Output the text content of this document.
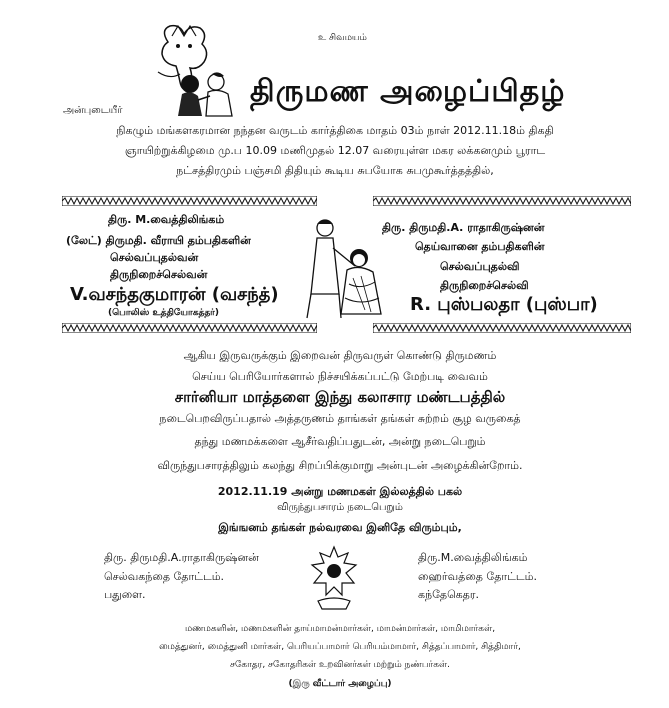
உ சிவமயம்
அன்புடையீர்
திருமண அழைப்பிதழ்
நிகழும் மங்களகரமான நந்தன வருடம் கார்த்திகை மாதம் 03ம் நாள் 2012.11.18ம் திகதி
ஞாயிற்றுக்கிழமை மு.ப 10.09 மணிமுதல் 12.07 வரையுள்ள மகர லக்கனமும் பூராட
நட்சத்திரமும் பஞ்சமி திதியும் கூடிய சுபயோக சுபமுகூர்த்தத்தில்,
திரு. M.வைத்திலிங்கம்
(லேட்) திருமதி. வீராயி தம்பதிகளின்
செல்வப்புதல்வன்
திருநிறைச்செல்வன்
V.வசந்தகுமாரன் (வசந்த்)
(பொலிஸ் உத்தியோகத்தர்)
திரு. திருமதி.A. ராதாகிருஷ்னன்
தெய்வானை தம்பதிகளின்
செல்வப்புதல்வி
திருநிறைச்செல்வி
R. புஸ்பலதா (புஸ்பா)
ஆகிய இருவருக்கும் இறைவன் திருவருள் கொண்டு திருமணம்
செய்ய பெரியோர்களால் நிச்சயிக்கப்பட்டு மேற்படி வைவம்
சார்னியா மாத்தளை இந்து கலாசார மண்டபத்தில்
நடைபெறவிருப்பதால் அத்தருணம் தாங்கள் தங்கள் சுற்றம் சூழ வருகைத்
தந்து மணமக்களை ஆசீர்வதிப்பதுடன், அன்று நடைபெறும்
விருந்துபசாரத்திலும் கலந்து சிறப்பிக்குமாறு அன்புடன் அழைக்கின்றோம்.
2012.11.19 அன்று மணமகள் இல்லத்தில் பகல்
விருந்துபசாரம் நடைபெறும்
இங்ஙனம் தங்கள் நல்வரவை இனிதே விரும்பும்,
திரு. திருமதி.A.ராதாகிருஷ்னன்
செல்வகந்தை தோட்டம்.
பதுளை.
திரு.M.வைத்திலிங்கம்
ஹைர்வத்தை தோட்டம்.
கந்தேகெதர.
மணமகளின், மணமகளின் தாய்மாமன்மார்கள், மாமன்மார்கள், மாமிமார்கள்,
மைத்துனர், மைத்துனி மார்கள், பெரியப்பாமார் பெரியம்மாமார், சித்தப்பாமார், சித்திமார்,
சகோதர, சகோதரிகள் உறவினர்கள் மற்றும் நண்பர்கள்.
(இரு வீட்டார் அழைப்பு)
